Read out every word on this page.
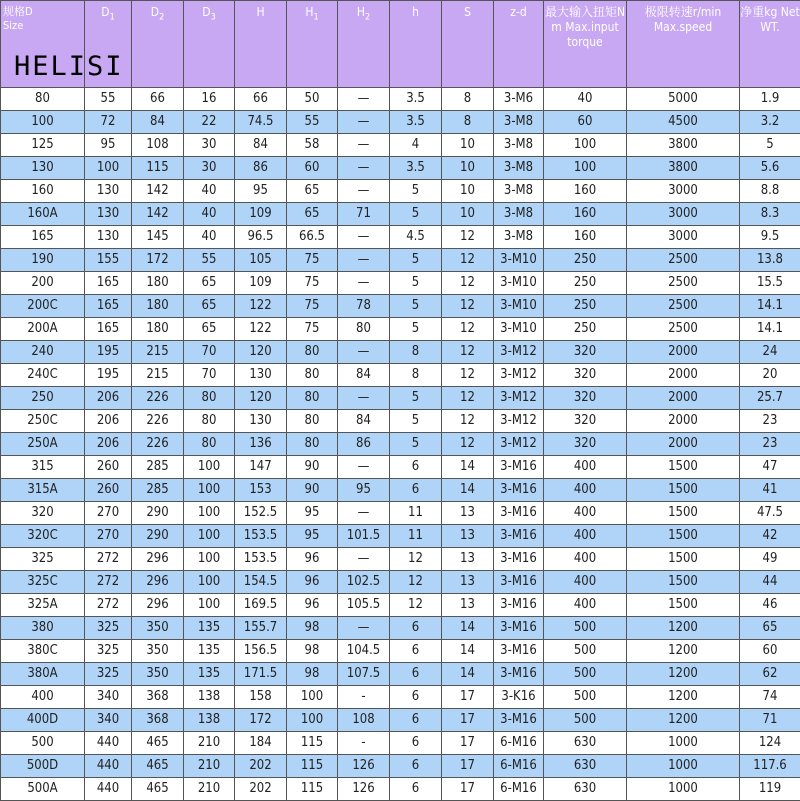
规格D
Size	$D_1$	$D_2$	$D_3$	H	$H_1$	$H_2$	h	S	z-d	最大输入扭矩N m Max.input torque	极限转速r/min Max.speed	净重kg Net WT.
80	55	66	16	66	50	—	3.5	8	3-M6	40	5000	1.9
100	72	84	22	74.5	55	—	3.5	8	3-M8	60	4500	3.2
125	95	108	30	84	58	—	4	10	3-M8	100	3800	5
130	100	115	30	86	60	—	3.5	10	3-M8	100	3800	5.6
160	130	142	40	95	65	—	5	10	3-M8	160	3000	8.8
160A	130	142	40	109	65	71	5	10	3-M8	160	3000	8.3
165	130	145	40	96.5	66.5	—	4.5	12	3-M8	160	3000	9.5
190	155	172	55	105	75	—	5	12	3-M10	250	2500	13.8
200	165	180	65	109	75	—	5	12	3-M10	250	2500	15.5
200C	165	180	65	122	75	78	5	12	3-M10	250	2500	14.1
200A	165	180	65	122	75	80	5	12	3-M10	250	2500	14.1
240	195	215	70	120	80	—	8	12	3-M12	320	2000	24
240C	195	215	70	130	80	84	8	12	3-M12	320	2000	20
250	206	226	80	120	80	—	5	12	3-M12	320	2000	25.7
250C	206	226	80	130	80	84	5	12	3-M12	320	2000	23
250A	206	226	80	136	80	86	5	12	3-M12	320	2000	23
315	260	285	100	147	90	—	6	14	3-M16	400	1500	47
315A	260	285	100	153	90	95	6	14	3-M16	400	1500	41
320	270	290	100	152.5	95	—	11	13	3-M16	400	1500	47.5
320C	270	290	100	153.5	95	101.5	11	13	3-M16	400	1500	42
325	272	296	100	153.5	96	—	12	13	3-M16	400	1500	49
325C	272	296	100	154.5	96	102.5	12	13	3-M16	400	1500	44
325A	272	296	100	169.5	96	105.5	12	13	3-M16	400	1500	46
380	325	350	135	155.7	98	—	6	14	3-M16	500	1200	65
380C	325	350	135	156.5	98	104.5	6	14	3-M16	500	1200	60
380A	325	350	135	171.5	98	107.5	6	14	3-M16	500	1200	62
400	340	368	138	158	100	-	6	17	3-K16	500	1200	74
400D	340	368	138	172	100	108	6	17	3-M16	500	1200	71
500	440	465	210	184	115	-	6	17	6-M16	630	1000	124
500D	440	465	210	202	115	126	6	17	6-M16	630	1000	117.6
500A	440	465	210	202	115	126	6	17	6-M16	630	1000	119
HELISI
